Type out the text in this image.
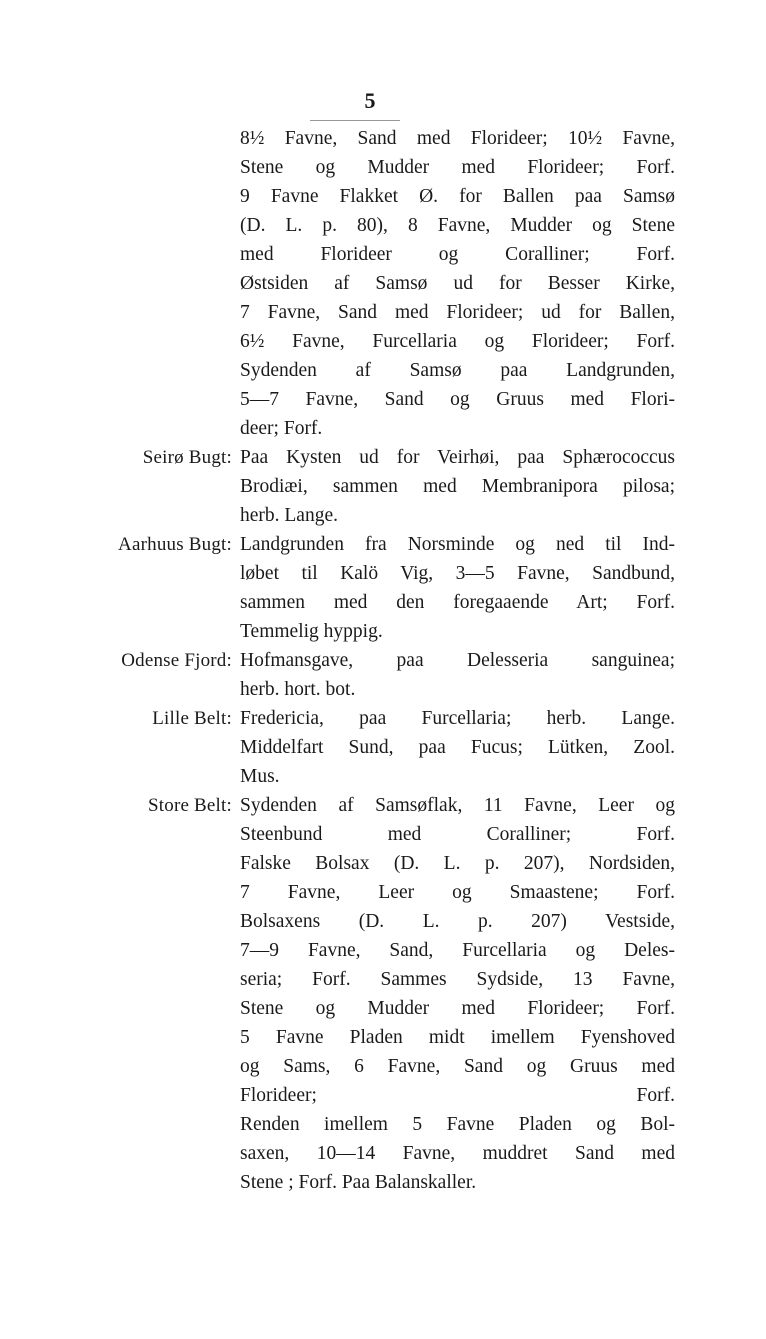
5
8½ Favne, Sand med Florideer; 10½ Favne,
Stene og Mudder med Florideer; Forf.
9 Favne Flakket Ø. for Ballen paa Samsø
(D. L. p. 80), 8 Favne, Mudder og Stene
med Florideer og Coralliner; Forf.
Østsiden af Samsø ud for Besser Kirke,
7 Favne, Sand med Florideer; ud for Ballen,
6½ Favne, Furcellaria og Florideer; Forf.
Sydenden af Samsø paa Landgrunden,
5—7 Favne, Sand og Gruus med Flori-
deer; Forf.
Seirø Bugt: Paa Kysten ud for Veirhøi, paa Sphærococcus
Brodiæi, sammen med Membranipora pilosa;
herb. Lange.
Aarhuus Bugt: Landgrunden fra Norsminde og ned til Ind-
løbet til Kalö Vig, 3—5 Favne, Sandbund,
sammen med den foregaaende Art; Forf.
Temmelig hyppig.
Odense Fjord: Hofmansgave, paa Delesseria sanguinea;
herb. hort. bot.
Lille Belt: Fredericia, paa Furcellaria; herb. Lange.
Middelfart Sund, paa Fucus; Lütken, Zool.
Mus.
Store Belt: Sydenden af Samsøflak, 11 Favne, Leer og
Steenbund med Coralliner; Forf.
Falske Bolsax (D. L. p. 207), Nordsiden,
7 Favne, Leer og Smaastene; Forf.
Bolsaxens (D. L. p. 207) Vestside,
7—9 Favne, Sand, Furcellaria og Deles-
seria; Forf. Sammes Sydside, 13 Favne,
Stene og Mudder med Florideer; Forf.
5 Favne Pladen midt imellem Fyenshoved
og Sams, 6 Favne, Sand og Gruus med
Florideer; Forf.
Renden imellem 5 Favne Pladen og Bol-
saxen, 10—14 Favne, muddret Sand med
Stene ; Forf. Paa Balanskaller.
